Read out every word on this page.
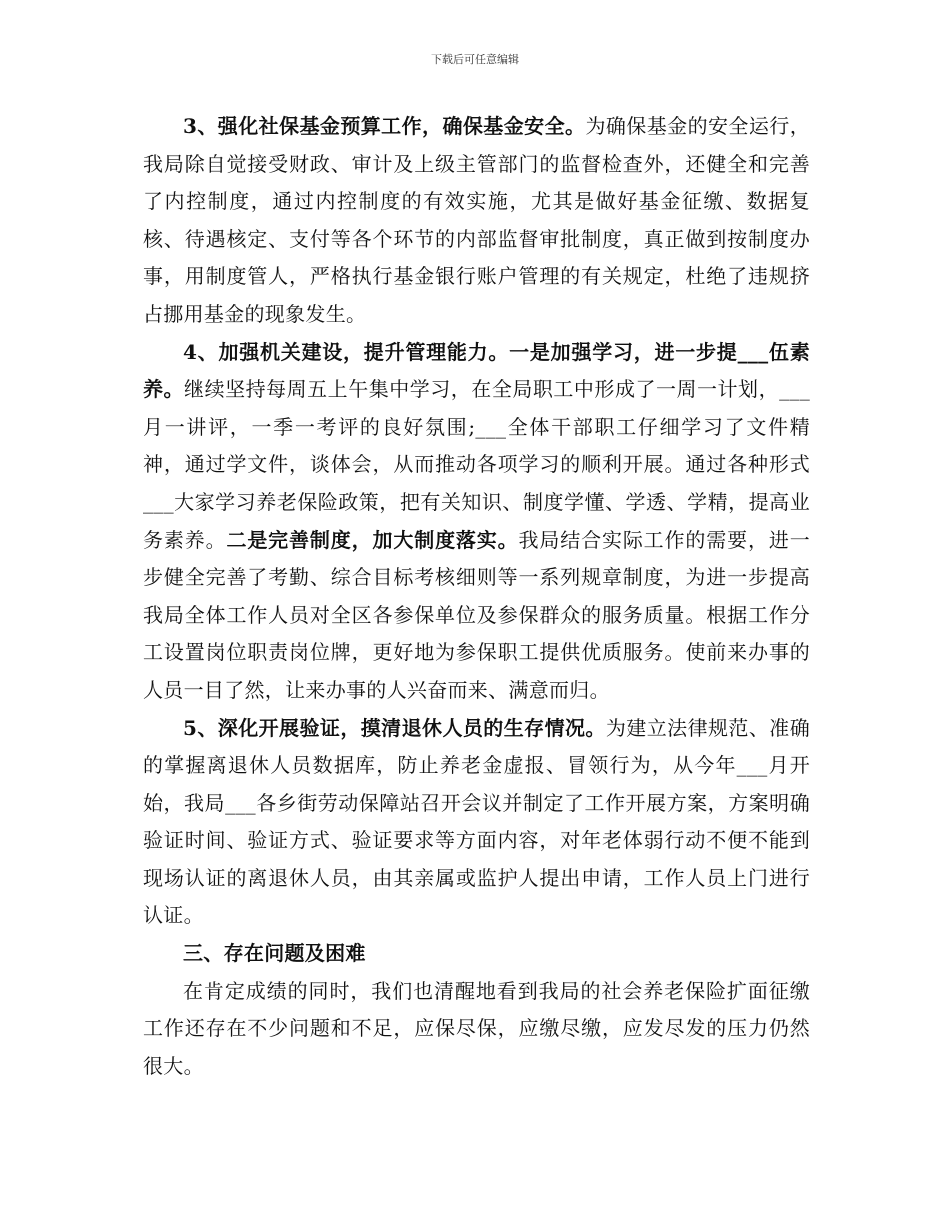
下载后可任意编辑

3、强化社保基金预算工作，确保基金安全。为确保基金的安全运行，我局除自觉接受财政、审计及上级主管部门的监督检查外，还健全和完善了内控制度，通过内控制度的有效实施，尤其是做好基金征缴、数据复核、待遇核定、支付等各个环节的内部监督审批制度，真正做到按制度办事，用制度管人，严格执行基金银行账户管理的有关规定，杜绝了违规挤占挪用基金的现象发生。

4、加强机关建设，提升管理能力。一是加强学习，进一步提___伍素养。继续坚持每周五上午集中学习，在全局职工中形成了一周一计划，___月一讲评，一季一考评的良好氛围;___全体干部职工仔细学习了文件精神，通过学文件，谈体会，从而推动各项学习的顺利开展。通过各种形式___大家学习养老保险政策，把有关知识、制度学懂、学透、学精，提高业务素养。二是完善制度，加大制度落实。我局结合实际工作的需要，进一步健全完善了考勤、综合目标考核细则等一系列规章制度，为进一步提高我局全体工作人员对全区各参保单位及参保群众的服务质量。根据工作分工设置岗位职责岗位牌，更好地为参保职工提供优质服务。使前来办事的人员一目了然，让来办事的人兴奋而来、满意而归。

5、深化开展验证，摸清退休人员的生存情况。为建立法律规范、准确的掌握离退休人员数据库，防止养老金虚报、冒领行为，从今年___月开始，我局___各乡街劳动保障站召开会议并制定了工作开展方案，方案明确验证时间、验证方式、验证要求等方面内容，对年老体弱行动不便不能到现场认证的离退休人员，由其亲属或监护人提出申请，工作人员上门进行认证。

三、存在问题及困难

在肯定成绩的同时，我们也清醒地看到我局的社会养老保险扩面征缴工作还存在不少问题和不足，应保尽保，应缴尽缴，应发尽发的压力仍然很大。
